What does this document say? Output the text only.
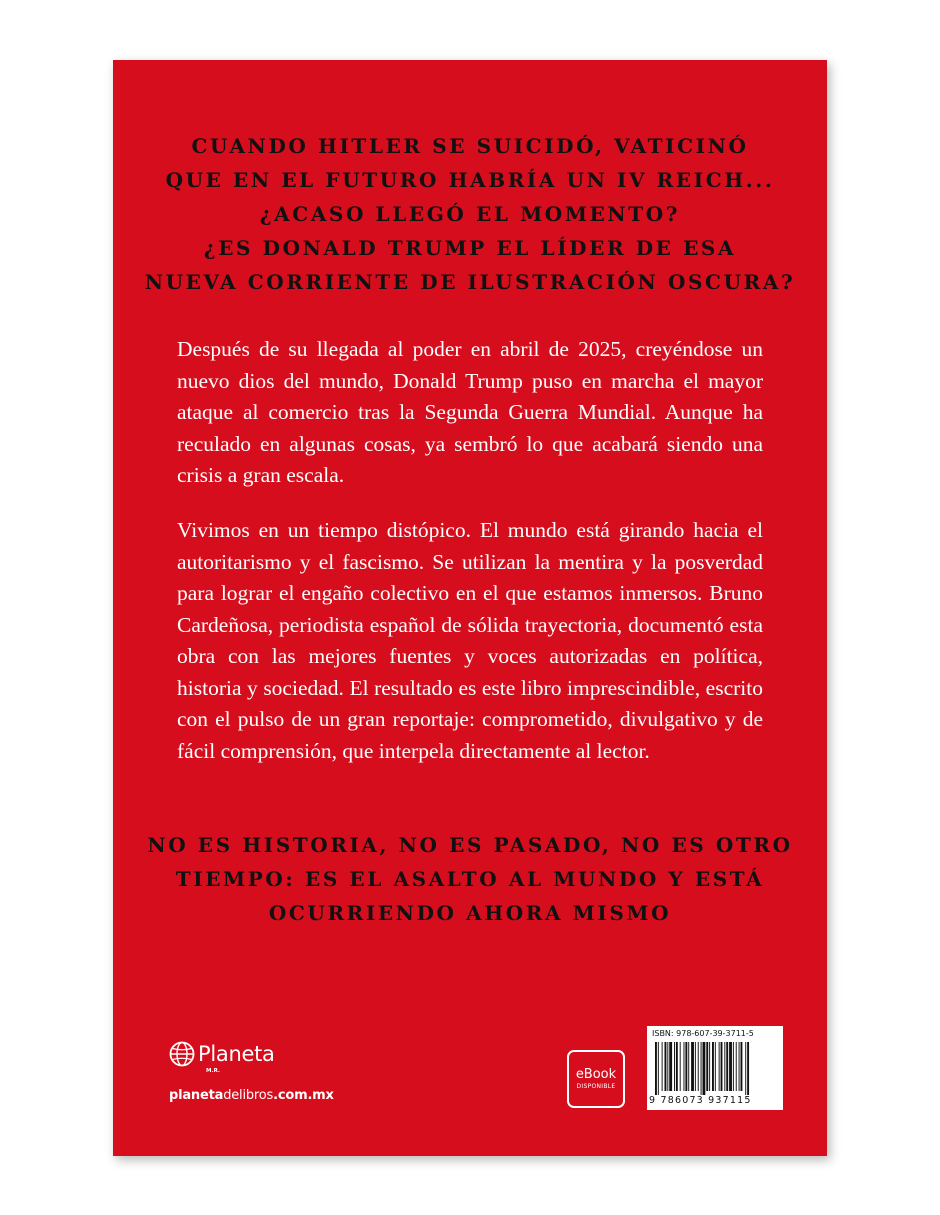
CUANDO HITLER SE SUICIDÓ, VATICINÓ
QUE EN EL FUTURO HABRÍA UN IV REICH...
¿ACASO LLEGÓ EL MOMENTO?
¿ES DONALD TRUMP EL LÍDER DE ESA
NUEVA CORRIENTE DE ILUSTRACIÓN OSCURA?

Después de su llegada al poder en abril de 2025, creyéndose un nuevo dios del mundo, Donald Trump puso en marcha el mayor ataque al comercio tras la Segunda Guerra Mundial. Aunque ha reculado en algunas cosas, ya sembró lo que acabará siendo una crisis a gran escala.

Vivimos en un tiempo distópico. El mundo está girando hacia el autoritarismo y el fascismo. Se utilizan la mentira y la posverdad para lograr el engaño colectivo en el que estamos inmersos. Bruno Cardeñosa, periodista español de sólida trayectoria, documentó esta obra con las mejores fuentes y voces autorizadas en política, historia y sociedad. El resultado es este libro imprescindible, escrito con el pulso de un gran reportaje: comprometido, divulgativo y de fácil comprensión, que interpela directamente al lector.

NO ES HISTORIA, NO ES PASADO, NO ES OTRO
TIEMPO: ES EL ASALTO AL MUNDO Y ESTÁ
OCURRIENDO AHORA MISMO
Planeta
M.R.
planetadelibros.com.mx
eBook
DISPONIBLE
ISBN: 978-607-39-3711-5
9 786073 937115
